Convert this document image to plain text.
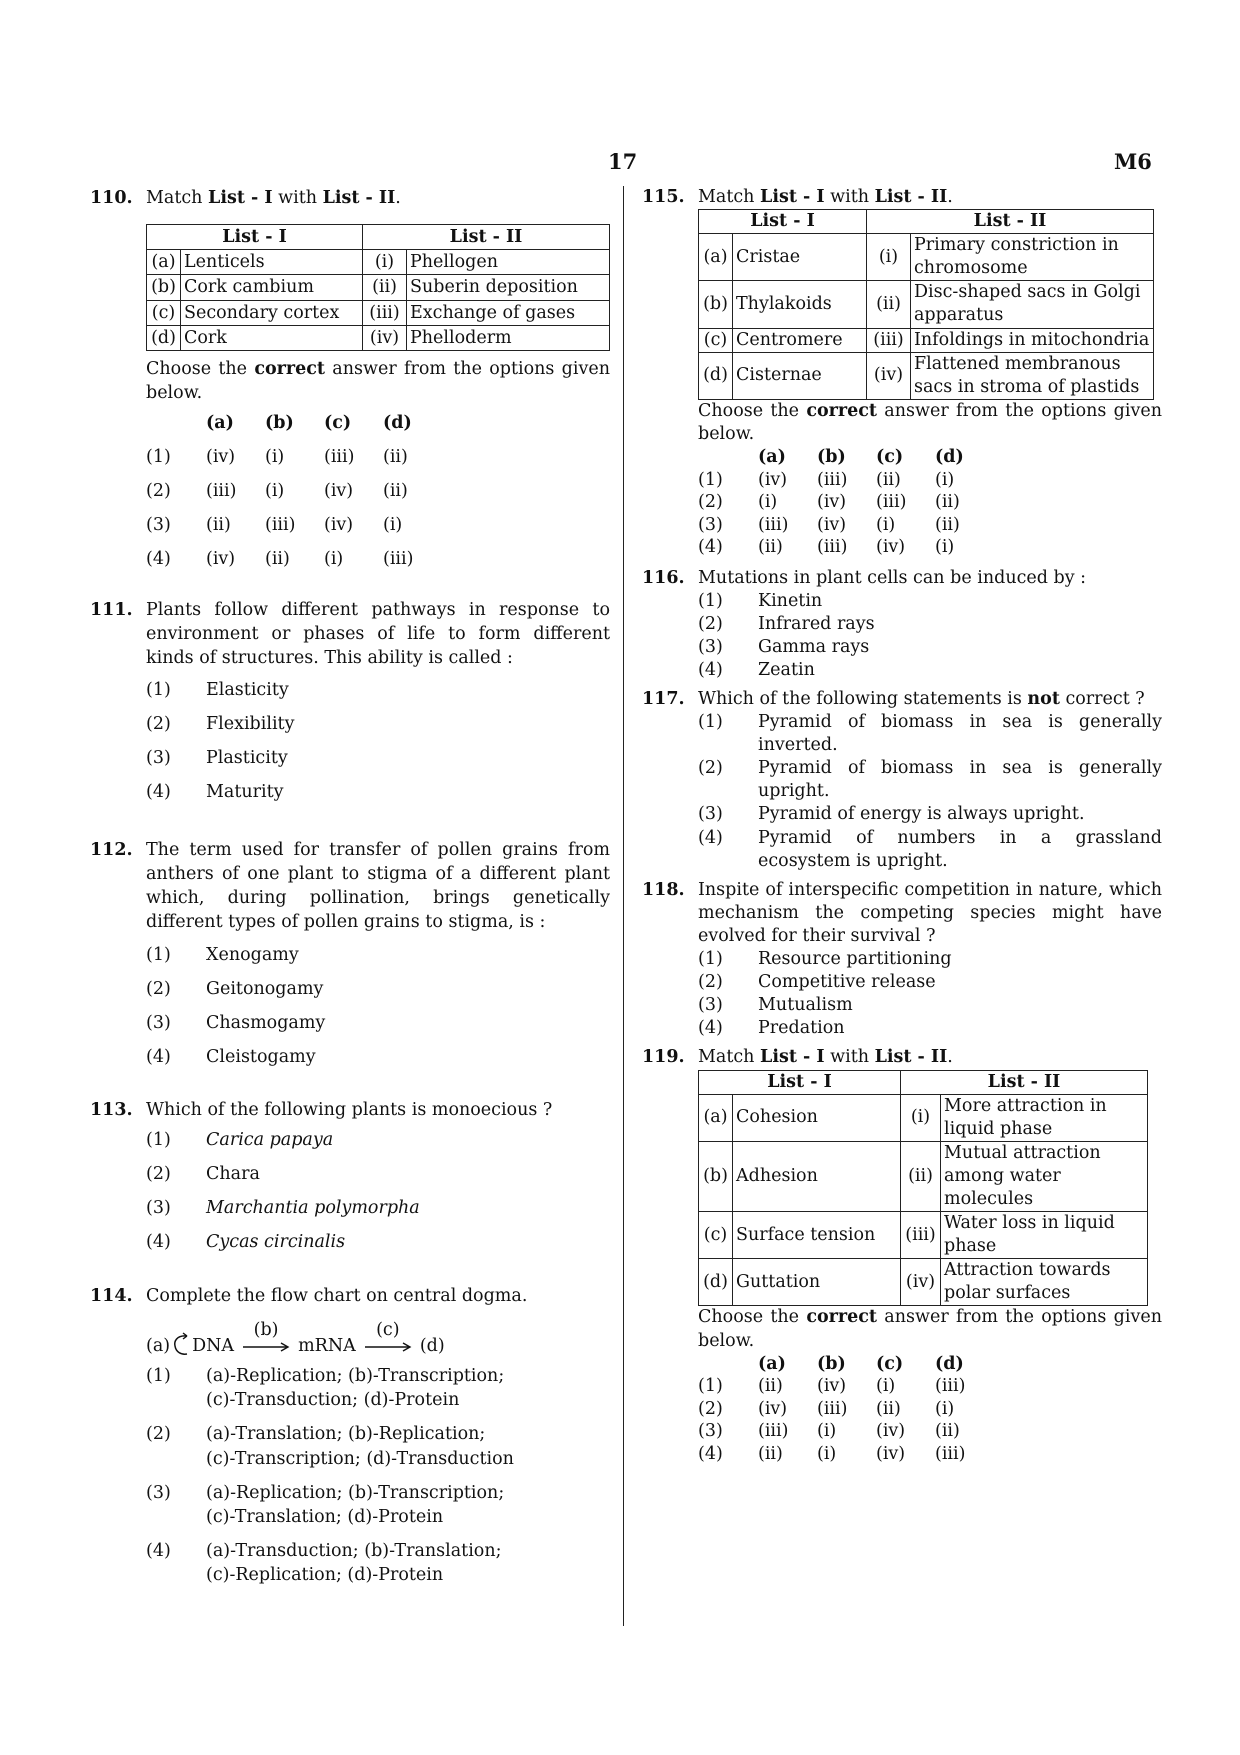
17	M6
110. Match List - I with List - II.
List - I		List - II	
(a)	Lenticels	(i)	Phellogen
(b)	Cork cambium	(ii)	Suberin deposition
(c)	Secondary cortex	(iii)	Exchange of gases
(d)	Cork	(iv)	Phelloderm
Choose the correct answer from the options given below.
(a)	(b)	(c)	(d)
(1)	(iv)	(i)	(iii)	(ii)
(2)	(iii)	(i)	(iv)	(ii)
(3)	(ii)	(iii)	(iv)	(i)
(4)	(iv)	(ii)	(i)	(iii)
111. Plants follow different pathways in response to environment or phases of life to form different kinds of structures. This ability is called :
(1)	Elasticity
(2)	Flexibility
(3)	Plasticity
(4)	Maturity
112. The term used for transfer of pollen grains from anthers of one plant to stigma of a different plant which, during pollination, brings genetically different types of pollen grains to stigma, is :
(1)	Xenogamy
(2)	Geitonogamy
(3)	Chasmogamy
(4)	Cleistogamy
113. Which of the following plants is monoecious ?
(1)	Carica papaya
(2)	Chara
(3)	Marchantia polymorpha
(4)	Cycas circinalis
114. Complete the flow chart on central dogma.
(a) DNA
(b)
mRNA
(c)
(d)
(1)	(a)-Replication; (b)-Transcription;
(c)-Transduction; (d)-Protein
(2)	(a)-Translation; (b)-Replication;
(c)-Transcription; (d)-Transduction
(3)	(a)-Replication; (b)-Transcription;
(c)-Translation; (d)-Protein
(4)	(a)-Transduction; (b)-Translation;
(c)-Replication; (d)-Protein
115. Match List - I with List - II.
List - I		List - II	
(a)	Cristae	(i)	Primary constriction in chromosome
(b)	Thylakoids	(ii)	Disc-shaped sacs in Golgi apparatus
(c)	Centromere	(iii)	Infoldings in mitochondria
(d)	Cisternae	(iv)	Flattened membranous sacs in stroma of plastids
Choose the correct answer from the options given below.
(a)	(b)	(c)	(d)
(1)	(iv)	(iii)	(ii)	(i)
(2)	(i)	(iv)	(iii)	(ii)
(3)	(iii)	(iv)	(i)	(ii)
(4)	(ii)	(iii)	(iv)	(i)
116. Mutations in plant cells can be induced by :
(1)	Kinetin
(2)	Infrared rays
(3)	Gamma rays
(4)	Zeatin
117. Which of the following statements is not correct ?
(1)	Pyramid of biomass in sea is generally inverted.
(2)	Pyramid of biomass in sea is generally upright.
(3)	Pyramid of energy is always upright.
(4)	Pyramid of numbers in a grassland ecosystem is upright.
118. Inspite of interspecific competition in nature, which mechanism the competing species might have evolved for their survival ?
(1)	Resource partitioning
(2)	Competitive release
(3)	Mutualism
(4)	Predation
119. Match List - I with List - II.
List - I		List - II	
(a)	Cohesion	(i)	More attraction in liquid phase
(b)	Adhesion	(ii)	Mutual attraction among water molecules
(c)	Surface tension	(iii)	Water loss in liquid phase
(d)	Guttation	(iv)	Attraction towards polar surfaces
Choose the correct answer from the options given below.
(a)	(b)	(c)	(d)
(1)	(ii)	(iv)	(i)	(iii)
(2)	(iv)	(iii)	(ii)	(i)
(3)	(iii)	(i)	(iv)	(ii)
(4)	(ii)	(i)	(iv)	(iii)
